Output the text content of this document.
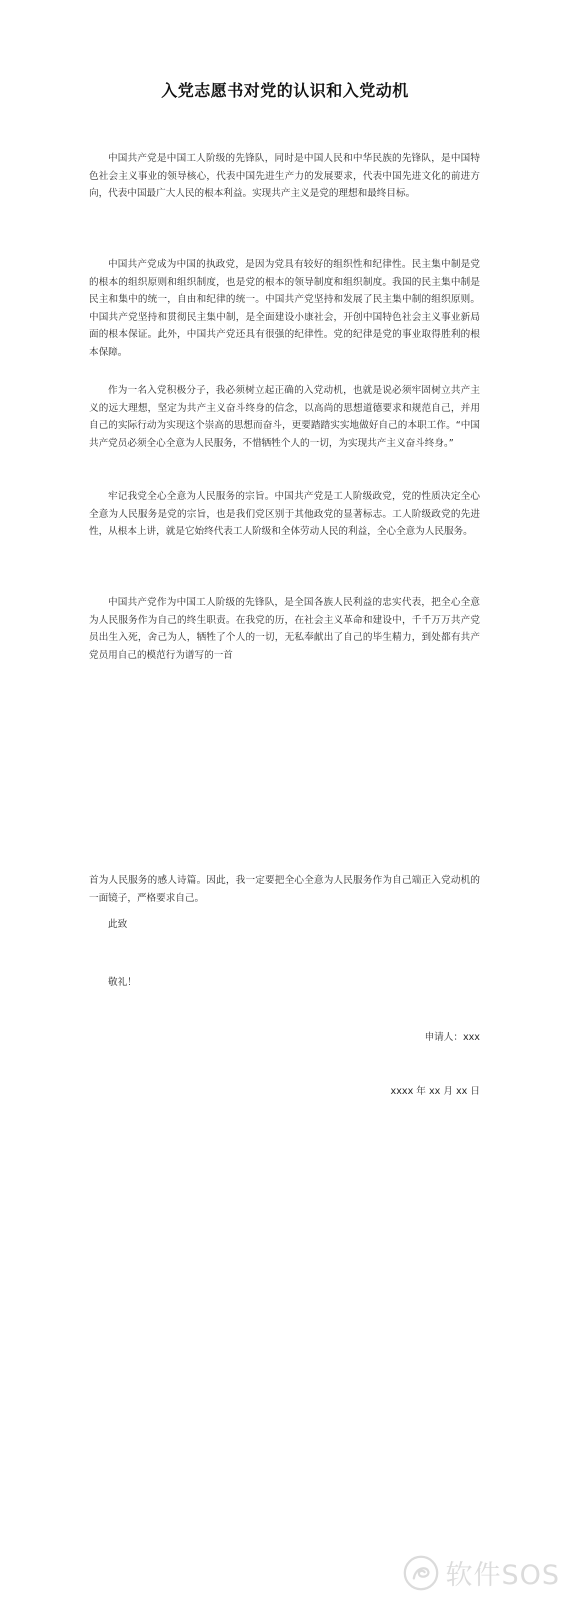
入党志愿书对党的认识和入党动机

中国共产党是中国工人阶级的先锋队，同时是中国人民和中华民族的先锋队，是中国特色社会主义事业的领导核心，代表中国先进生产力的发展要求，代表中国先进文化的前进方向，代表中国最广大人民的根本利益。实现共产主义是党的理想和最终目标。

中国共产党成为中国的执政党，是因为党具有较好的组织性和纪律性。民主集中制是党的根本的组织原则和组织制度，也是党的根本的领导制度和组织制度。我国的民主集中制是民主和集中的统一，自由和纪律的统一。中国共产党坚持和发展了民主集中制的组织原则。中国共产党坚持和贯彻民主集中制，是全面建设小康社会，开创中国特色社会主义事业新局面的根本保证。此外，中国共产党还具有很强的纪律性。党的纪律是党的事业取得胜利的根本保障。

作为一名入党积极分子，我必须树立起正确的入党动机，也就是说必须牢固树立共产主义的远大理想，坚定为共产主义奋斗终身的信念，以高尚的思想道德要求和规范自己，并用自己的实际行动为实现这个崇高的思想而奋斗，更要踏踏实实地做好自己的本职工作。“中国共产党员必须全心全意为人民服务，不惜牺牲个人的一切，为实现共产主义奋斗终身。”

牢记我党全心全意为人民服务的宗旨。中国共产党是工人阶级政党，党的性质决定全心全意为人民服务是党的宗旨，也是我们党区别于其他政党的显著标志。工人阶级政党的先进性，从根本上讲，就是它始终代表工人阶级和全体劳动人民的利益，全心全意为人民服务。

中国共产党作为中国工人阶级的先锋队，是全国各族人民利益的忠实代表，把全心全意为人民服务作为自己的终生职责。在我党的历，在社会主义革命和建设中，千千万万共产党员出生入死，舍己为人，牺牲了个人的一切，无私奉献出了自己的毕生精力，到处都有共产党员用自己的模范行为谱写的一首

首为人民服务的感人诗篇。因此，我一定要把全心全意为人民服务作为自己端正入党动机的一面镜子，严格要求自己。

此致
敬礼！
申请人：xxx
xxxx 年 xx 月 xx 日
软件SOS
